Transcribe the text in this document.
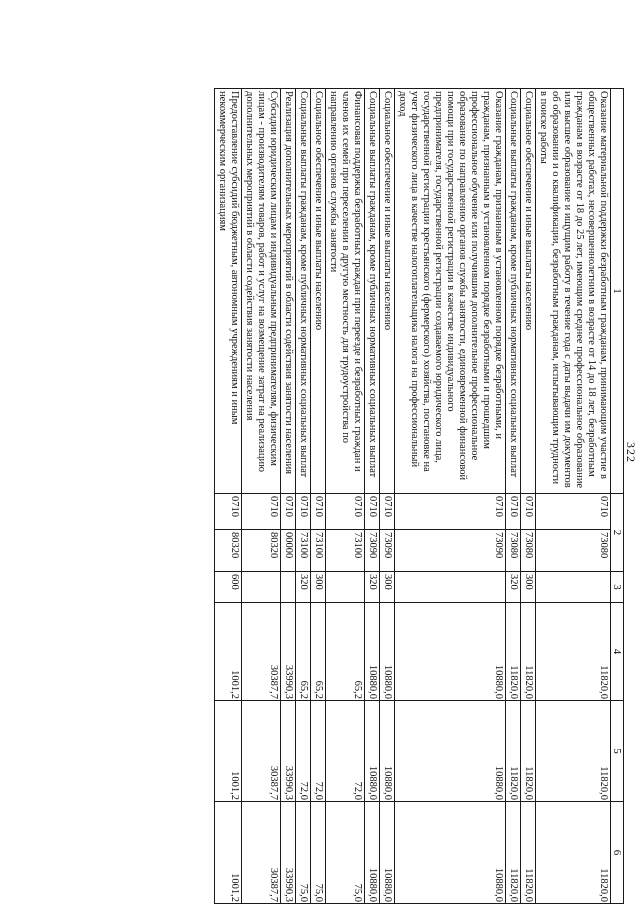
322
1	2		3	4	5	6
Оказание материальной поддержки безработным гражданам, принимающим участие в общественных работах, несовершеннолетним в возрасте от 14 до 18 лет, безработным гражданам в возрасте от 18 до 25 лет, имеющим среднее профессиональное образование или высшее образование и ищущим работу в течение года с даты выдачи им документов об образовании и о квалификации, безработным гражданам, испытывающим трудности в поиске работы	0710	73080		11820,0	11820,0	11820,0
Социальное обеспечение и иные выплаты населению	0710	73080	300	11820,0	11820,0	11820,0
Социальные выплаты гражданам, кроме публичных нормативных социальных выплат	0710	73080	320	11820,0	11820,0	11820,0
Оказание гражданам, признанным в установленном порядке безработными, и гражданам, признанным в установленном порядке безработными и прошедшим профессиональное обучение или получившим дополнительное профессиональное образование по направлению органов службы занятости, единовременной финансовой помощи при государственной регистрации в качестве индивидуального предпринимателя, государственной регистрации создаваемого юридического лица, государственной регистрации крестьянского (фермерского) хозяйства, постановке на учет физического лица в качестве налогоплательщика налога на профессиональный доход	0710	73090		10880,0	10880,0	10880,0
Социальное обеспечение и иные выплаты населению	0710	73090	300	10880,0	10880,0	10880,0
Социальные выплаты гражданам, кроме публичных нормативных социальных выплат	0710	73090	320	10880,0	10880,0	10880,0
Финансовая поддержка безработных граждан при переезде и безработных граждан и членов их семей при переселении в другую местность для трудоустройства по направлению органов службы занятости	0710	73100		65,2	72,0	75,0
Социальное обеспечение и иные выплаты населению	0710	73100	300	65,2	72,0	75,0
Социальные выплаты гражданам, кроме публичных нормативных социальных выплат	0710	73100	320	65,2	72,0	75,0
Реализация дополнительных мероприятий в области содействия занятости населения	0710	00000		33990,3	33990,3	33990,3
Субсидии юридическим лицам и индивидуальным предпринимателям, физическим лицам - производителям товаров, работ и услуг на возмещение затрат на реализацию дополнительных мероприятий в области содействия занятости населения	0710	80320		30387,7	30387,7	30387,7
Предоставление субсидий бюджетным, автономным учреждениям и иным некоммерческим организациям	0710	80320	600	1001,2	1001,2	1001,2
